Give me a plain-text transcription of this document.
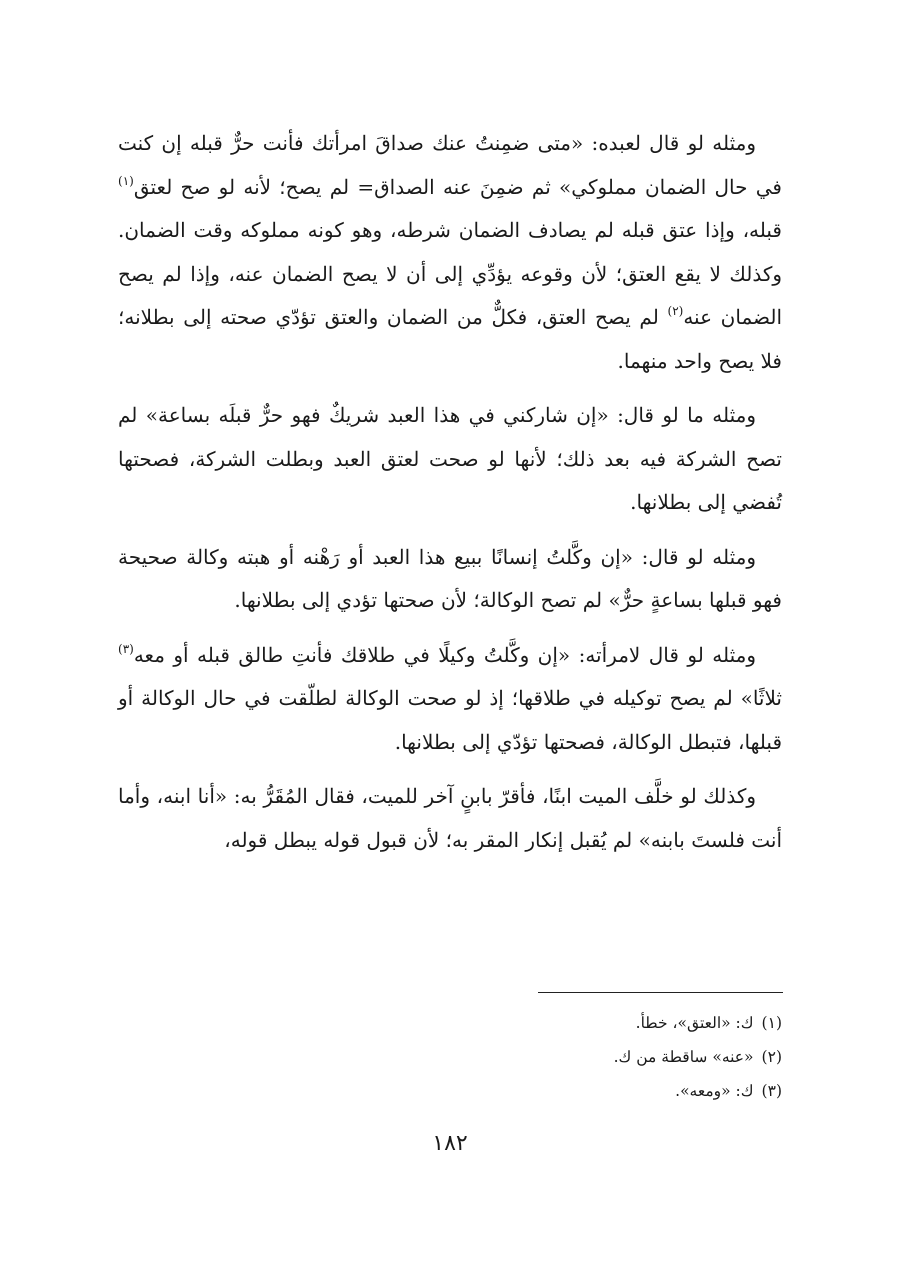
ومثله لو قال لعبده: «متى ضمِنتُ عنك صداقَ امرأتك فأنت حرٌّ قبله إن كنت في حال الضمان مملوكي» ثم ضمِنَ عنه الصداق= لم يصح؛ لأنه لو صح لعتق$^{(١)}$ قبله، وإذا عتق قبله لم يصادف الضمان شرطه، وهو كونه مملوكه وقت الضمان. وكذلك لا يقع العتق؛ لأن وقوعه يؤدِّي إلى أن لا يصح الضمان عنه، وإذا لم يصح الضمان عنه$^{(٢)}$ لم يصح العتق، فكلٌّ من الضمان والعتق تؤدّي صحته إلى بطلانه؛ فلا يصح واحد منهما.

ومثله ما لو قال: «إن شاركني في هذا العبد شريكٌ فهو حرٌّ قبلَه بساعة» لم تصح الشركة فيه بعد ذلك؛ لأنها لو صحت لعتق العبد وبطلت الشركة، فصحتها تُفضي إلى بطلانها.

ومثله لو قال: «إن وكَّلتُ إنسانًا ببيع هذا العبد أو رَهْنه أو هبته وكالة صحيحة فهو قبلها بساعةٍ حرٌّ» لم تصح الوكالة؛ لأن صحتها تؤدي إلى بطلانها.

ومثله لو قال لامرأته: «إن وكَّلتُ وكيلًا في طلاقك فأنتِ طالق قبله أو معه$^{(٣)}$ ثلاثًا» لم يصح توكيله في طلاقها؛ إذ لو صحت الوكالة لطلّقت في حال الوكالة أو قبلها، فتبطل الوكالة، فصحتها تؤدّي إلى بطلانها.

وكذلك لو خلَّف الميت ابنًا، فأقرّ بابنٍ آخر للميت، فقال المُقَرُّ به: «أنا ابنه، وأما أنت فلستَ بابنه» لم يُقبل إنكار المقر به؛ لأن قبول قوله يبطل قوله،

(١)ك: «العتق»، خطأ.

(٢)«عنه» ساقطة من ك.

(٣)ك: «ومعه».

١٨٢
